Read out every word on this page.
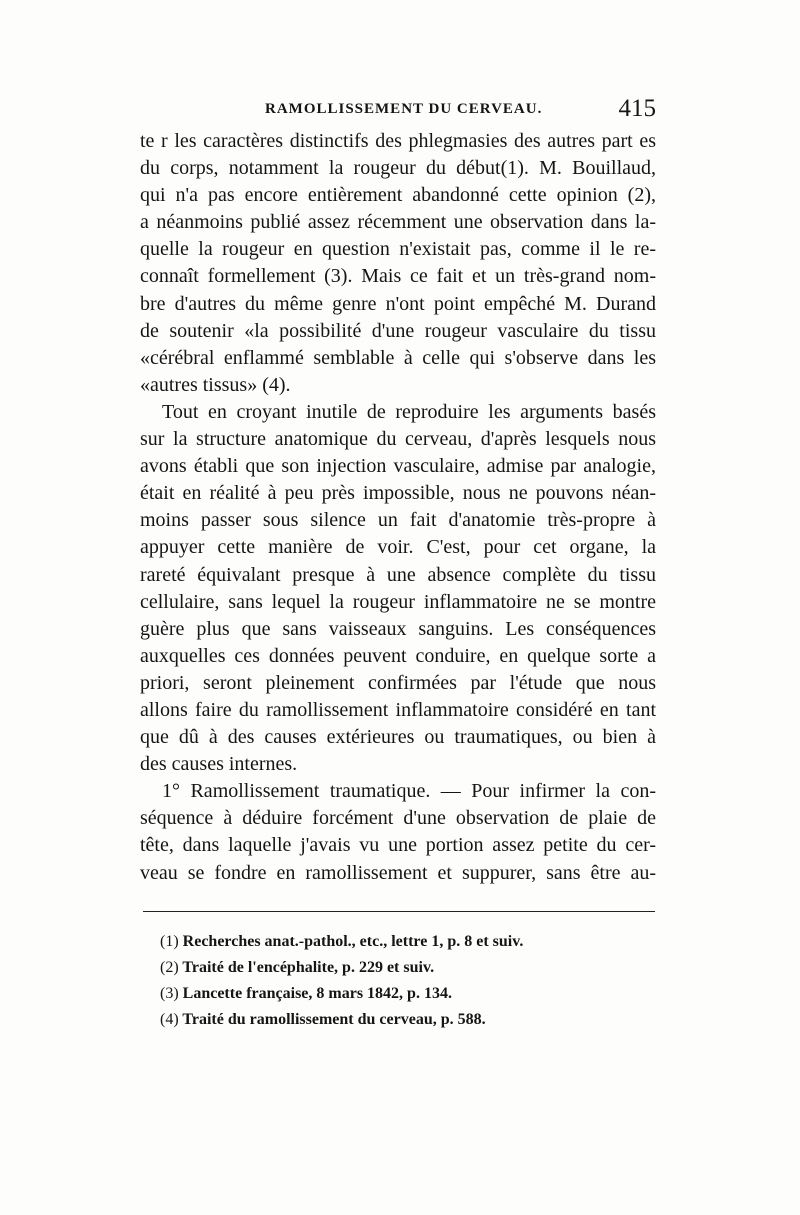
RAMOLLISSEMENT DU CERVEAU.	415
te r les caractères distinctifs des phlegmasies des autres part es
du corps, notamment la rougeur du début(1). M. Bouillaud,
qui n'a pas encore entièrement abandonné cette opinion (2),
a néanmoins publié assez récemment une observation dans la-
quelle la rougeur en question n'existait pas, comme il le re-
connaît formellement (3). Mais ce fait et un très-grand nom-
bre d'autres du même genre n'ont point empêché M. Durand
de soutenir «la possibilité d'une rougeur vasculaire du tissu
«cérébral enflammé semblable à celle qui s'observe dans les
«autres tissus» (4).
Tout en croyant inutile de reproduire les arguments basés
sur la structure anatomique du cerveau, d'après lesquels nous
avons établi que son injection vasculaire, admise par analogie,
était en réalité à peu près impossible, nous ne pouvons néan-
moins passer sous silence un fait d'anatomie très-propre à
appuyer cette manière de voir. C'est, pour cet organe, la
rareté équivalant presque à une absence complète du tissu
cellulaire, sans lequel la rougeur inflammatoire ne se montre
guère plus que sans vaisseaux sanguins. Les conséquences
auxquelles ces données peuvent conduire, en quelque sorte a
priori, seront pleinement confirmées par l'étude que nous
allons faire du ramollissement inflammatoire considéré en tant
que dû à des causes extérieures ou traumatiques, ou bien à
des causes internes.
1° Ramollissement traumatique. — Pour infirmer la con-
séquence à déduire forcément d'une observation de plaie de
tête, dans laquelle j'avais vu une portion assez petite du cer-
veau se fondre en ramollissement et suppurer, sans être au-
(1) Recherches anat.-pathol., etc., lettre 1, p. 8 et suiv.
(2) Traité de l'encéphalite, p. 229 et suiv.
(3) Lancette française, 8 mars 1842, p. 134.
(4) Traité du ramollissement du cerveau, p. 588.
